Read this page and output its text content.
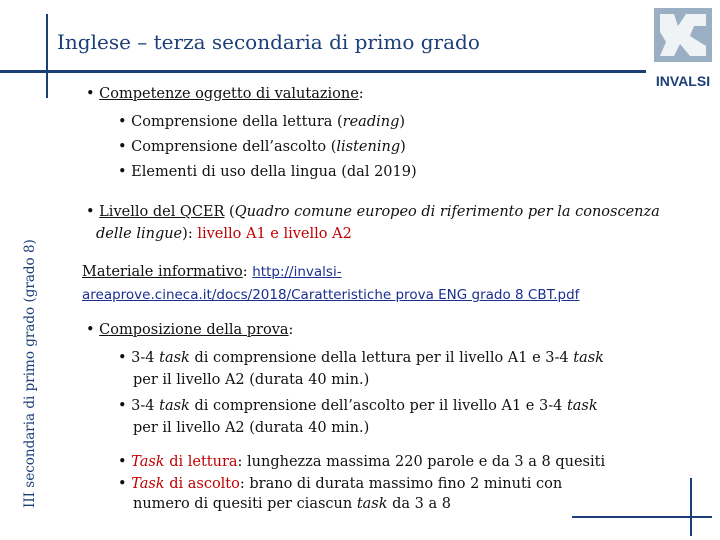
Inglese – terza secondaria di primo grado
III secondaria di primo grado (grado 8)
INVALSI
• Competenze oggetto di valutazione:
• Comprensione della lettura (reading)
• Comprensione dell’ascolto (listening)
• Elementi di uso della lingua (dal 2019)
• Livello del QCER (Quadro comune europeo di riferimento per la conoscenza
delle lingue): livello A1 e livello A2
Materiale informativo: http://invalsi-
areaprove.cineca.it/docs/2018/Caratteristiche prova ENG grado 8 CBT.pdf
• Composizione della prova:
• 3-4 task di comprensione della lettura per il livello A1 e 3-4 task
per il livello A2 (durata 40 min.)
• 3-4 task di comprensione dell’ascolto per il livello A1 e 3-4 task
per il livello A2 (durata 40 min.)
• Task di lettura: lunghezza massima 220 parole e da 3 a 8 quesiti
• Task di ascolto: brano di durata massimo fino 2 minuti con
numero di quesiti per ciascun task da 3 a 8
